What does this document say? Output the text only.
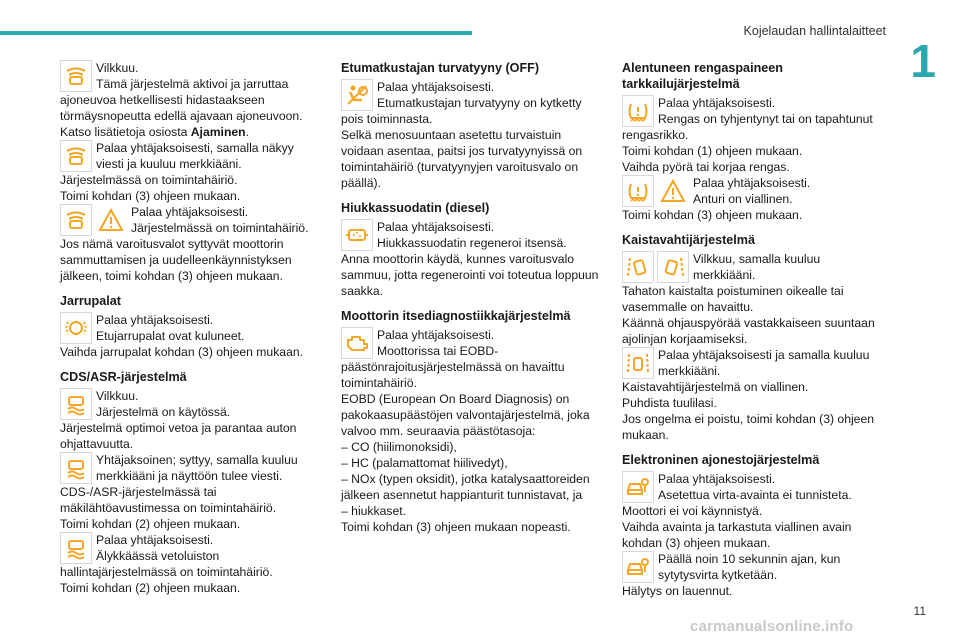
Kojelaudan hallintalaitteet
1

Vilkkuu.

Tämä järjestelmä aktivoi ja jarruttaa ajoneuvoa hetkellisesti hidastaakseen törmäysnopeutta edellä ajavaan ajoneuvoon.

Katso lisätietoja osiosta Ajaminen.

Palaa yhtäjaksoisesti, samalla näkyy viesti ja kuuluu merkkiääni.

Järjestelmässä on toimintahäiriö.

Toimi kohdan (3) ohjeen mukaan.

Palaa yhtäjaksoisesti.

Järjestelmässä on toimintahäiriö.

Jos nämä varoitusvalot syttyvät moottorin sammuttamisen ja uudelleenkäynnistyksen jälkeen, toimi kohdan (3) ohjeen mukaan.

Jarrupalat

Palaa yhtäjaksoisesti.

Etujarrupalat ovat kuluneet.

Vaihda jarrupalat kohdan (3) ohjeen mukaan.

CDS/ASR-järjestelmä

Vilkkuu.

Järjestelmä on käytössä.

Järjestelmä optimoi vetoa ja parantaa auton ohjattavuutta.

Yhtäjaksoinen; syttyy, samalla kuuluu merkkiääni ja näyttöön tulee viesti.

CDS-/ASR-järjestelmässä tai mäkilähtöavustimessa on toimintahäiriö.

Toimi kohdan (2) ohjeen mukaan.

Palaa yhtäjaksoisesti.

Älykkäässä vetoluiston hallintajärjestelmässä on toimintahäiriö.

Toimi kohdan (2) ohjeen mukaan.

Etumatkustajan turvatyyny (OFF)

Palaa yhtäjaksoisesti.

Etumatkustajan turvatyyny on kytketty pois toiminnasta.

Selkä menosuuntaan asetettu turvaistuin voidaan asentaa, paitsi jos turvatyynyissä on toimintahäiriö (turvatyynyjen varoitusvalo on päällä).

Hiukkassuodatin (diesel)

Palaa yhtäjaksoisesti.

Hiukkassuodatin regeneroi itsensä.

Anna moottorin käydä, kunnes varoitusvalo sammuu, jotta regenerointi voi toteutua loppuun saakka.

Moottorin itsediagnostiikkajärjestelmä

Palaa yhtäjaksoisesti.

Moottorissa tai EOBD-päästönrajoitusjärjestelmässä on havaittu toimintahäiriö.

EOBD (European On Board Diagnosis) on pakokaasupäästöjen valvontajärjestelmä, joka valvoo mm. seuraavia päästötasoja:

– CO (hiilimonoksidi),

– HC (palamattomat hiilivedyt),

– NOx (typen oksidit), jotka katalysaattoreiden jälkeen asennetut happianturit tunnistavat, ja

– hiukkaset.

Toimi kohdan (3) ohjeen mukaan nopeasti.

Alentuneen rengaspaineen tarkkailujärjestelmä

Palaa yhtäjaksoisesti.

Rengas on tyhjentynyt tai on tapahtunut rengasrikko.

Toimi kohdan (1) ohjeen mukaan.

Vaihda pyörä tai korjaa rengas.

Palaa yhtäjaksoisesti.

Anturi on viallinen.

Toimi kohdan (3) ohjeen mukaan.

Kaistavahtijärjestelmä

Vilkkuu, samalla kuuluu merkkiääni.

Tahaton kaistalta poistuminen oikealle tai vasemmalle on havaittu.

Käännä ohjauspyörää vastakkaiseen suuntaan ajolinjan korjaamiseksi.

Palaa yhtäjaksoisesti ja samalla kuuluu merkkiääni.

Kaistavahtijärjestelmä on viallinen.

Puhdista tuulilasi.

Jos ongelma ei poistu, toimi kohdan (3) ohjeen mukaan.

Elektroninen ajonestojärjestelmä

Palaa yhtäjaksoisesti.

Asetettua virta-avainta ei tunnisteta.

Moottori ei voi käynnistyä.

Vaihda avainta ja tarkastuta viallinen avain kohdan (3) ohjeen mukaan.

Päällä noin 10 sekunnin ajan, kun sytytysvirta kytketään.

Hälytys on lauennut.

11
carmanualsonline.info
